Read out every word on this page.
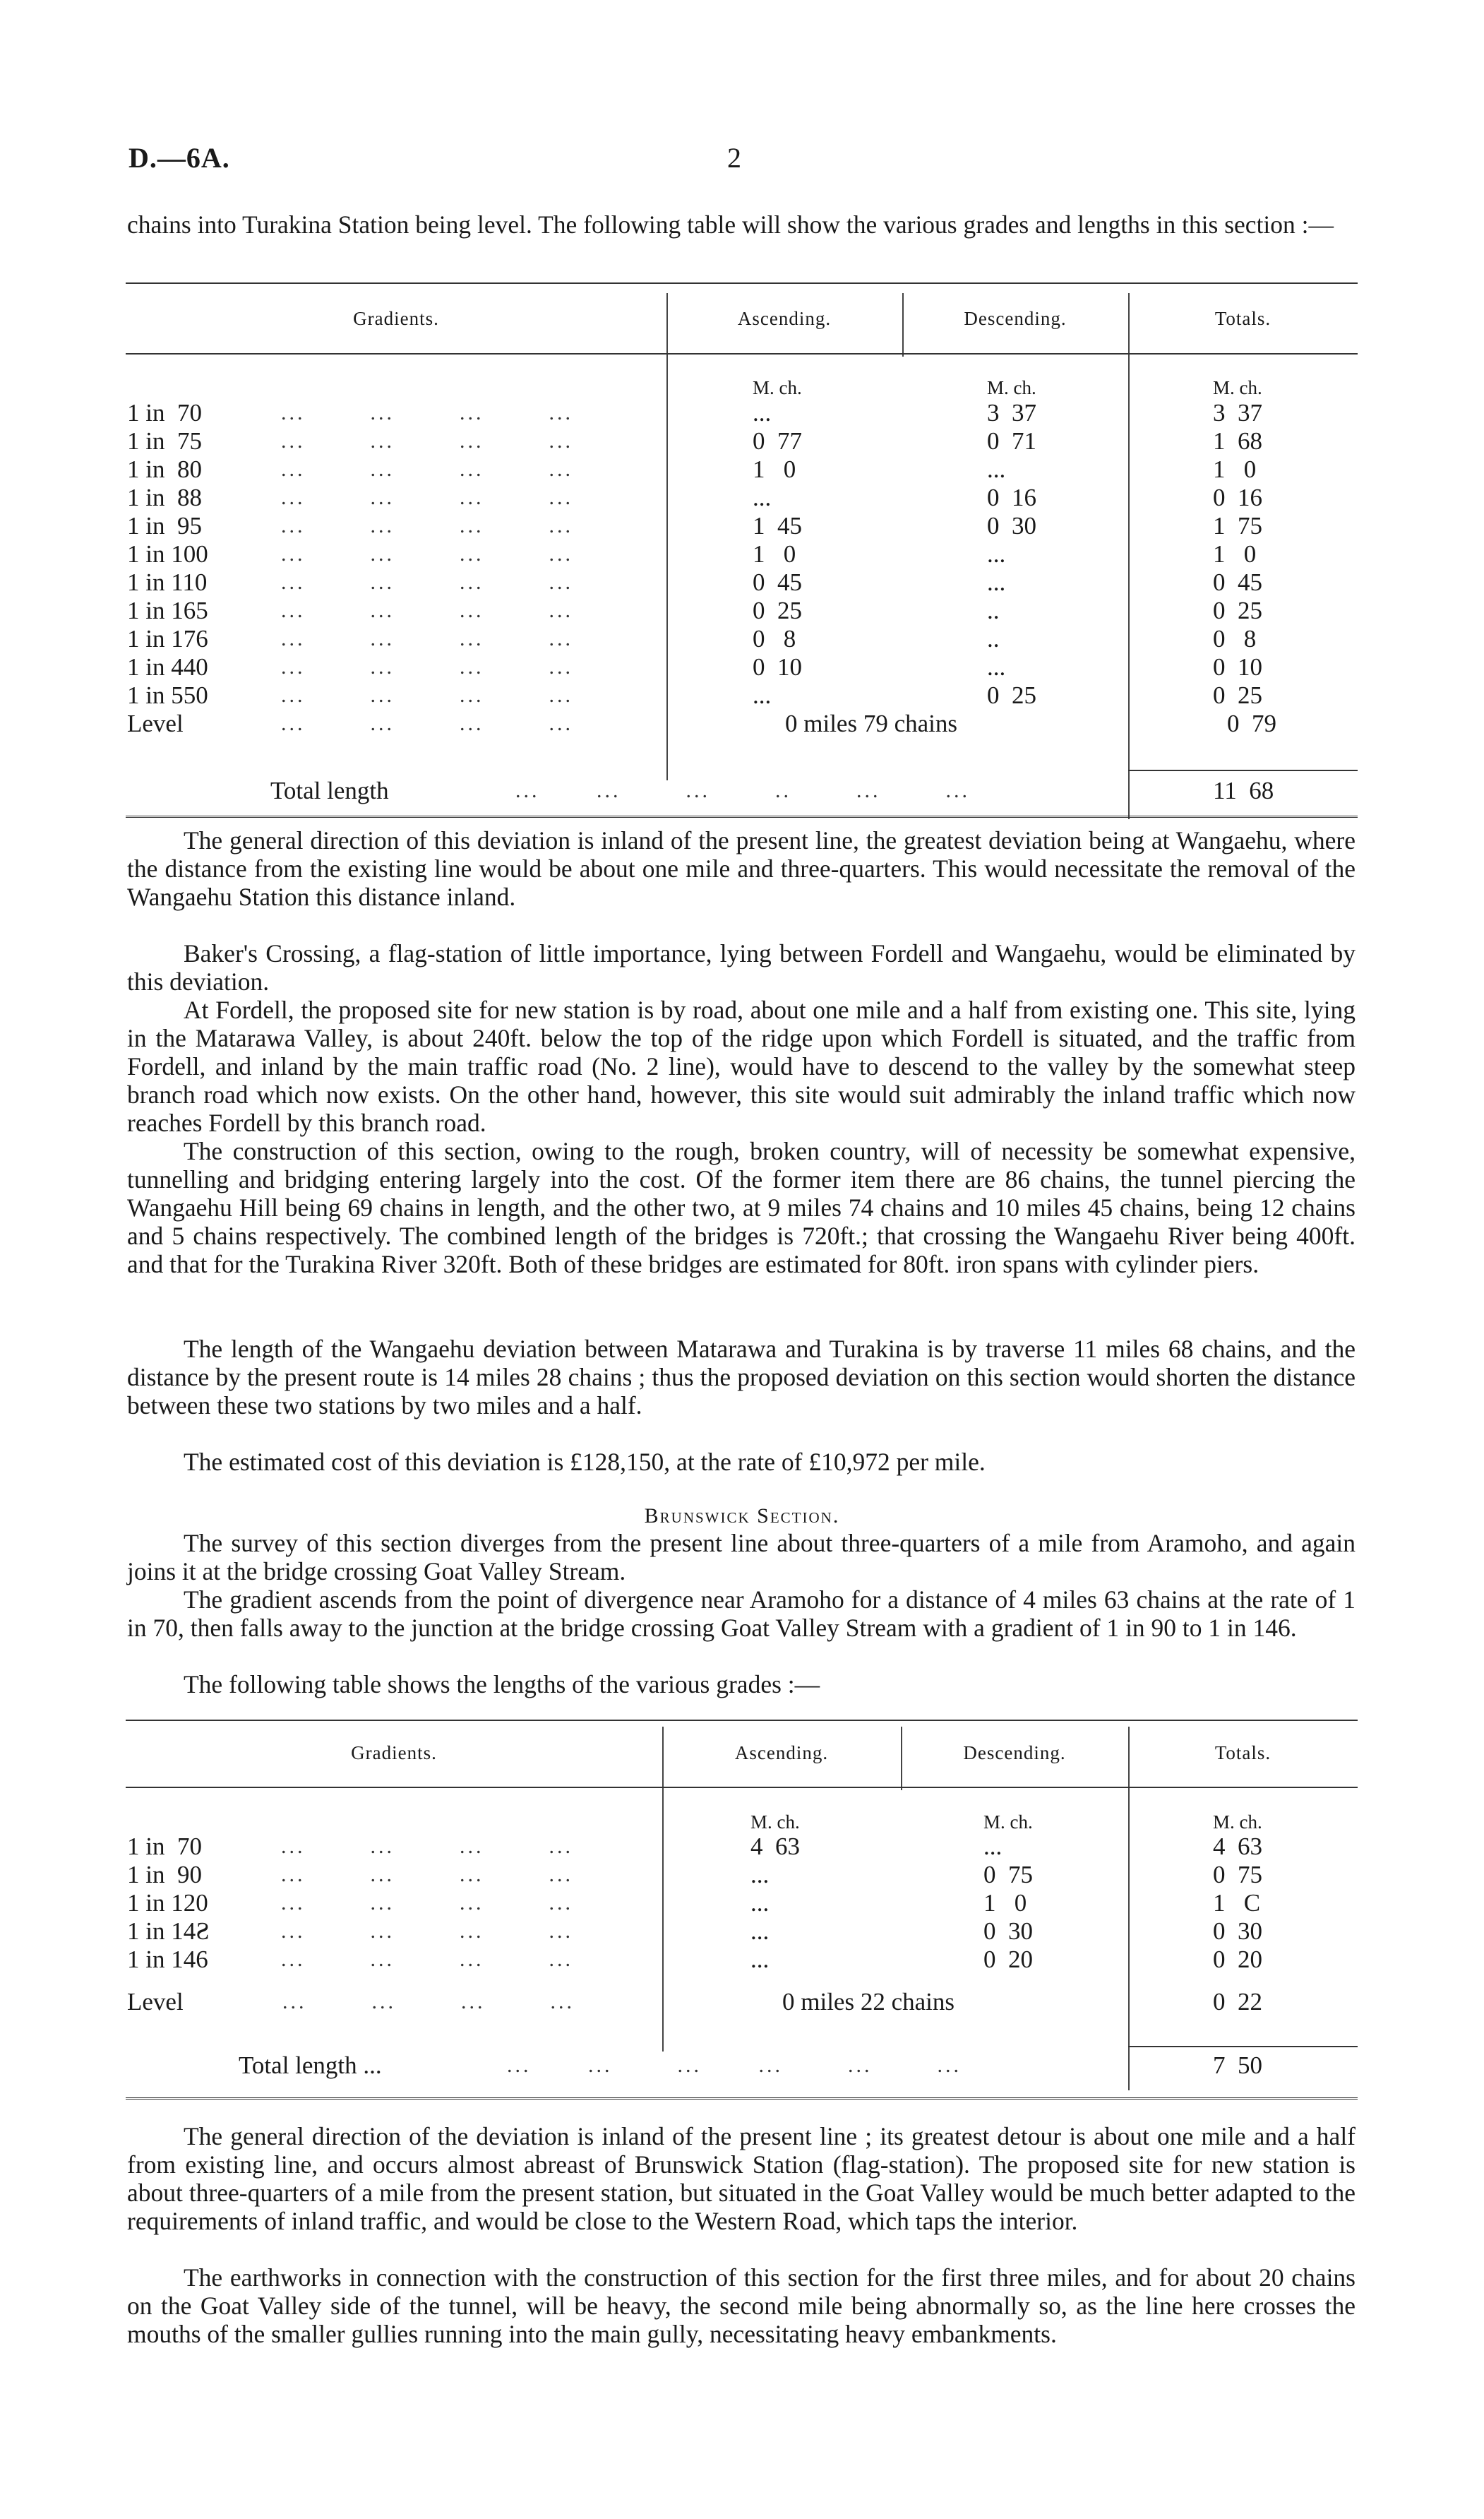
D.—6A.	2

chains into Turakina Station being level. The following table will show the various grades and lengths in this section :—

Gradients.	Ascending.	Descending.	Totals.
M. ch.	M. ch.	M. ch.
1 in  70	...        ...        ...        ...	...	3  37	3  37
1 in  75	...        ...        ...        ...	0  77	0  71	1  68
1 in  80	...        ...        ...        ...	1   0	...	1   0
1 in  88	...        ...        ...        ...	...	0  16	0  16
1 in  95	...        ...        ...        ...	1  45	0  30	1  75
1 in 100	...        ...        ...        ...	1   0	...	1   0
1 in 110	...        ...        ...        ...	0  45	...	0  45
1 in 165	...        ...        ...        ...	0  25	..	0  25
1 in 176	...        ...        ...        ...	0   8	..	0   8
1 in 440	...        ...        ...        ...	0  10	...	0  10
1 in 550	...        ...        ...        ...	...	0  25	0  25
Level	...        ...        ...        ...	0 miles 79 chains	0  79
Total length	...       ...        ...        ..        ...        ...	11  68

The general direction of this deviation is inland of the present line, the greatest deviation being at Wangaehu, where the distance from the existing line would be about one mile and three-quarters. This would necessitate the removal of the Wangaehu Station this distance inland.

Baker's Crossing, a flag-station of little importance, lying between Fordell and Wangaehu, would be eliminated by this deviation.

At Fordell, the proposed site for new station is by road, about one mile and a half from existing one. This site, lying in the Matarawa Valley, is about 240ft. below the top of the ridge upon which Fordell is situated, and the traffic from Fordell, and inland by the main traffic road (No. 2 line), would have to descend to the valley by the somewhat steep branch road which now exists. On the other hand, however, this site would suit admirably the inland traffic which now reaches Fordell by this branch road.

The construction of this section, owing to the rough, broken country, will of necessity be somewhat expensive, tunnelling and bridging entering largely into the cost. Of the former item there are 86 chains, the tunnel piercing the Wangaehu Hill being 69 chains in length, and the other two, at 9 miles 74 chains and 10 miles 45 chains, being 12 chains and 5 chains respectively. The combined length of the bridges is 720ft.; that crossing the Wangaehu River being 400ft. and that for the Turakina River 320ft. Both of these bridges are estimated for 80ft. iron spans with cylinder piers.

The length of the Wangaehu deviation between Matarawa and Turakina is by traverse 11 miles 68 chains, and the distance by the present route is 14 miles 28 chains ; thus the proposed deviation on this section would shorten the distance between these two stations by two miles and a half.

The estimated cost of this deviation is £128,150, at the rate of £10,972 per mile.

Brunswick Section.

The survey of this section diverges from the present line about three-quarters of a mile from Aramoho, and again joins it at the bridge crossing Goat Valley Stream.

The gradient ascends from the point of divergence near Aramoho for a distance of 4 miles 63 chains at the rate of 1 in 70, then falls away to the junction at the bridge crossing Goat Valley Stream with a gradient of 1 in 90 to 1 in 146.

The following table shows the lengths of the various grades :—

Gradients.	Ascending.	Descending.	Totals.
M. ch.	M. ch.	M. ch.
1 in  70	...        ...        ...        ...	4  63	...	4  63
1 in  90	...        ...        ...        ...	...	0  75	0  75
1 in 120	...        ...        ...        ...	...	1   0	1   C
1 in 14Ƨ	...        ...        ...        ...	...	0  30	0  30
1 in 146	...        ...        ...        ...	...	0  20	0  20
Level	...        ...        ...        ...	0 miles 22 chains	0  22
Total length ...	...       ...        ...       ...        ...        ...	7  50

The general direction of the deviation is inland of the present line ; its greatest detour is about one mile and a half from existing line, and occurs almost abreast of Brunswick Station (flag-station). The proposed site for new station is about three-quarters of a mile from the present station, but situated in the Goat Valley would be much better adapted to the requirements of inland traffic, and would be close to the Western Road, which taps the interior.

The earthworks in connection with the construction of this section for the first three miles, and for about 20 chains on the Goat Valley side of the tunnel, will be heavy, the second mile being abnormally so, as the line here crosses the mouths of the smaller gullies running into the main gully, necessitating heavy embankments.
